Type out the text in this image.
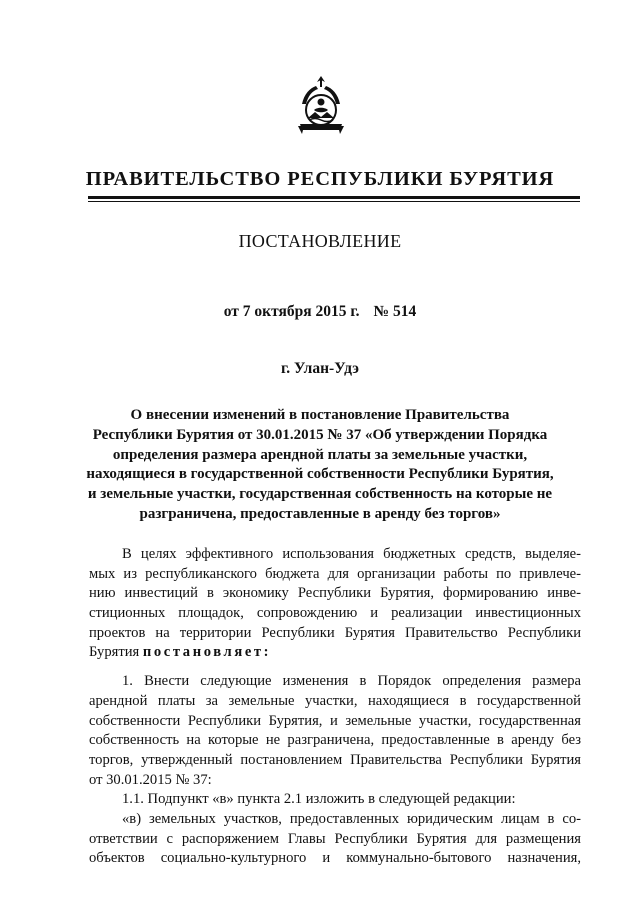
ПРАВИТЕЛЬСТВО РЕСПУБЛИКИ БУРЯТИЯ
ПОСТАНОВЛЕНИЕ
от 7 октября 2015 г. № 514
г. Улан-Удэ
О внесении изменений в постановление Правительства
Республики Бурятия от 30.01.2015 № 37 «Об утверждении Порядка
определения размера арендной платы за земельные участки,
находящиеся в государственной собственности Республики Бурятия,
и земельные участки, государственная собственность на которые не
разграничена, предоставленные в аренду без торгов»
В целях эффективного использования бюджетных средств, выделяе-
мых из республиканского бюджета для организации работы по привлече-
нию инвестиций в экономику Республики Бурятия, формированию инве-
стиционных площадок, сопровождению и реализации инвестиционных
проектов на территории Республики Бурятия Правительство Республики
Бурятия постановляет:
1. Внести следующие изменения в Порядок определения размера
арендной платы за земельные участки, находящиеся в государственной
собственности Республики Бурятия, и земельные участки, государственная
собственность на которые не разграничена, предоставленные в аренду без
торгов, утвержденный постановлением Правительства Республики Бурятия
от 30.01.2015 № 37:
1.1. Подпункт «в» пункта 2.1 изложить в следующей редакции:
«в) земельных участков, предоставленных юридическим лицам в со-
ответствии с распоряжением Главы Республики Бурятия для размещения
объектов социально-культурного и коммунально-бытового назначения,
